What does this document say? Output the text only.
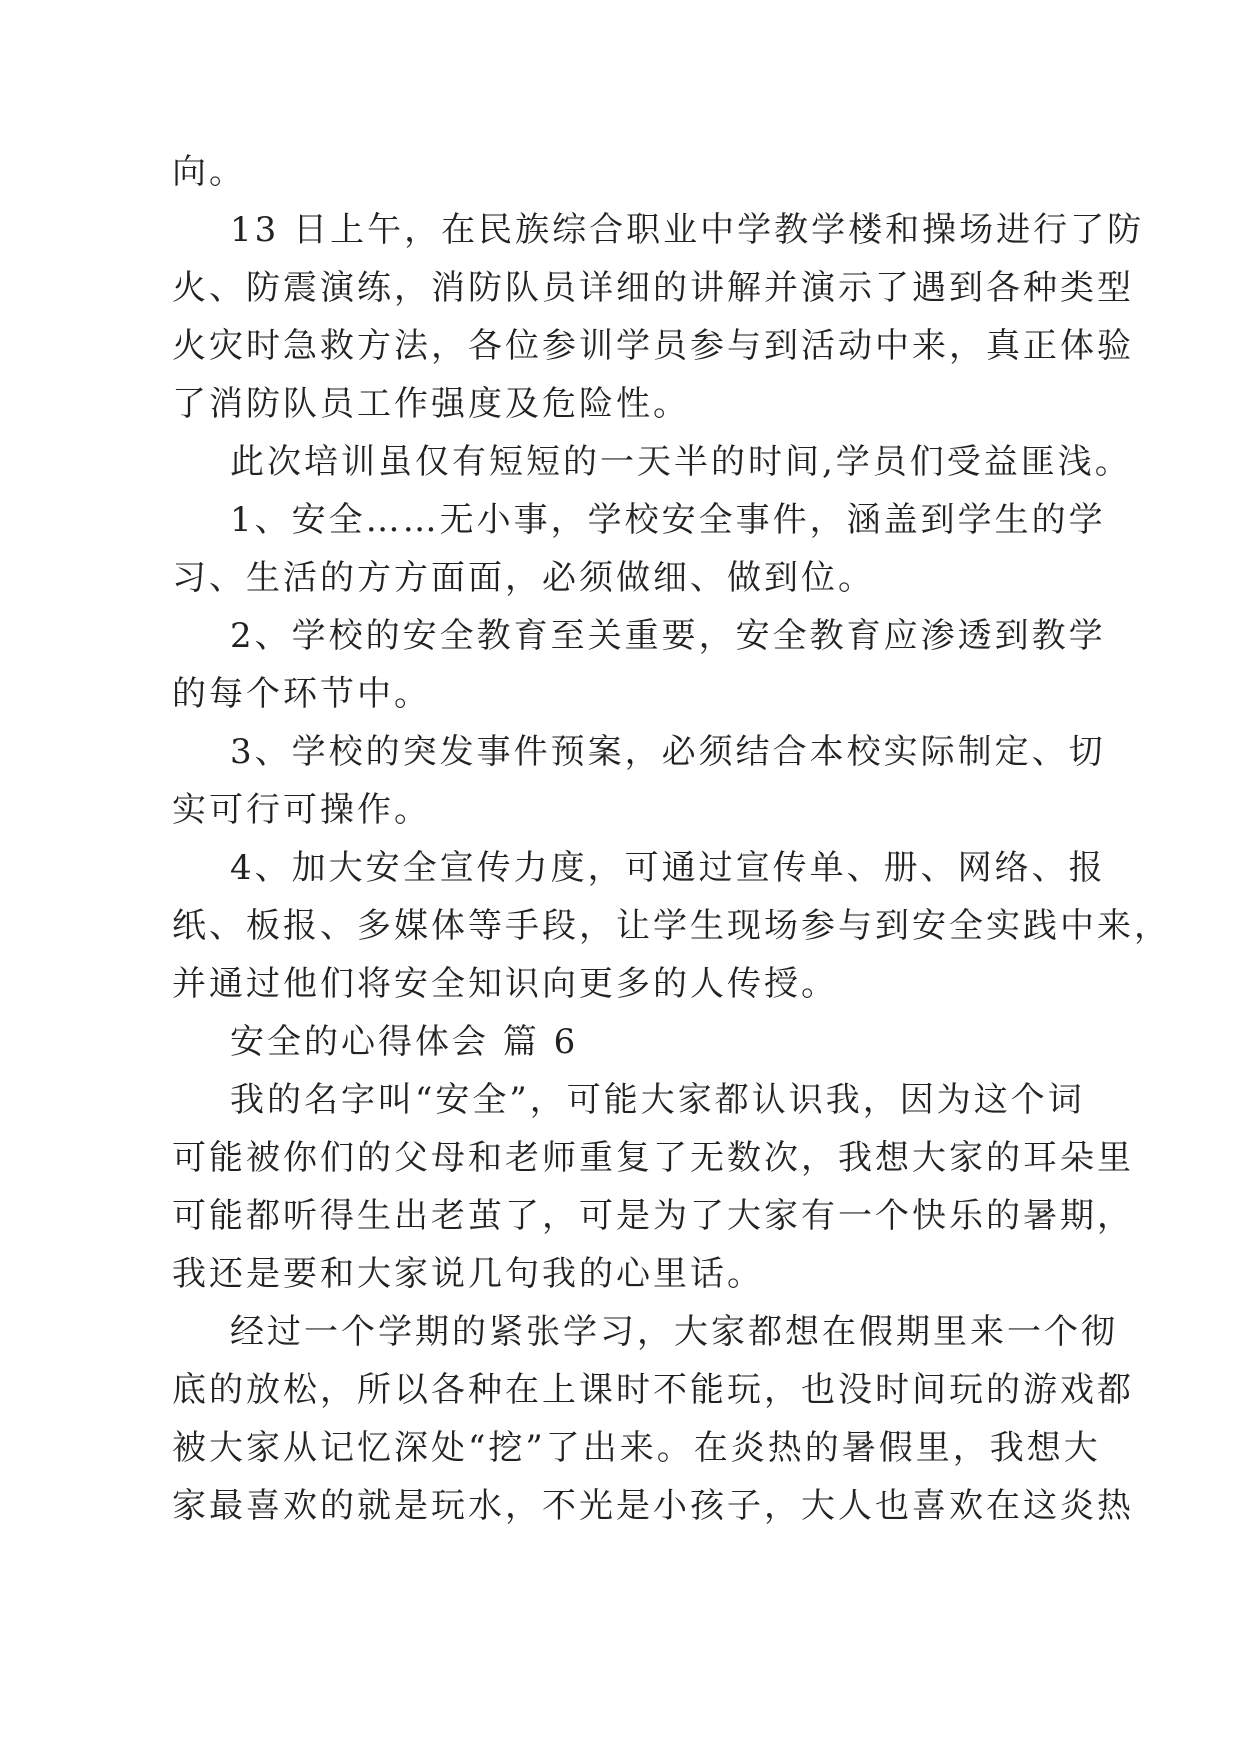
向。
13 日上午，在民族综合职业中学教学楼和操场进行了防
火、防震演练，消防队员详细的讲解并演示了遇到各种类型
火灾时急救方法，各位参训学员参与到活动中来，真正体验
了消防队员工作强度及危险性。
此次培训虽仅有短短的一天半的时间,学员们受益匪浅。
1、安全……无小事，学校安全事件，涵盖到学生的学
习、生活的方方面面，必须做细、做到位。
2、学校的安全教育至关重要，安全教育应渗透到教学
的每个环节中。
3、学校的突发事件预案，必须结合本校实际制定、切
实可行可操作。
4、加大安全宣传力度，可通过宣传单、册、网络、报
纸、板报、多媒体等手段，让学生现场参与到安全实践中来，
并通过他们将安全知识向更多的人传授。
安全的心得体会 篇 6
我的名字叫“安全”，可能大家都认识我，因为这个词
可能被你们的父母和老师重复了无数次，我想大家的耳朵里
可能都听得生出老茧了，可是为了大家有一个快乐的暑期，
我还是要和大家说几句我的心里话。
经过一个学期的紧张学习，大家都想在假期里来一个彻
底的放松，所以各种在上课时不能玩，也没时间玩的游戏都
被大家从记忆深处“挖”了出来。在炎热的暑假里，我想大
家最喜欢的就是玩水，不光是小孩子，大人也喜欢在这炎热
